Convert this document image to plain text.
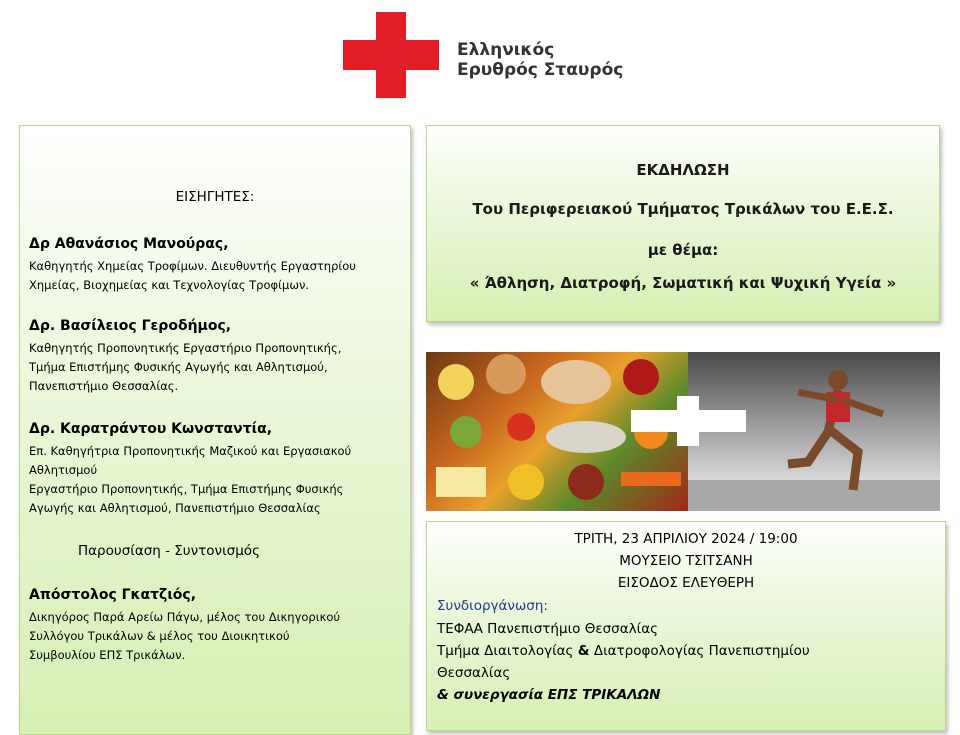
Ελληνικός
Ερυθρός Σταυρός
ΕΙΣΗΓΗΤΕΣ:
Δρ Αθανάσιος Μανούρας,
Καθηγητής Χημείας Τροφίμων. Διευθυντής Εργαστηρίου
Χημείας, Βιοχημείας και Τεχνολογίας Τροφίμων.
Δρ. Βασίλειος Γεροδήμος,
Καθηγητής Προπονητικής Εργαστήριο Προπονητικής,
Τμήμα Επιστήμης Φυσικής Αγωγής και Αθλητισμού,
Πανεπιστήμιο Θεσσαλίας.
Δρ. Καρατράντου Κωνσταντία,
Επ. Καθηγήτρια Προπονητικής Μαζικού και Εργασιακού
Αθλητισμού
Εργαστήριο Προπονητικής, Τμήμα Επιστήμης Φυσικής
Αγωγής και Αθλητισμού, Πανεπιστήμιο Θεσσαλίας
Παρουσίαση - Συντονισμός
Απόστολος Γκατζιός,
Δικηγόρος Παρά Αρείω Πάγω, μέλος του Δικηγορικού
Συλλόγου Τρικάλων & μέλος του Διοικητικού
Συμβουλίου ΕΠΣ Τρικάλων.
ΕΚΔΗΛΩΣΗ
Του Περιφερειακού Τμήματος Τρικάλων του Ε.Ε.Σ.
με θέμα:
« Άθληση, Διατροφή, Σωματική και Ψυχική Υγεία »
ΤΡΙΤΗ, 23 ΑΠΡΙΛΙΟΥ 2024 / 19:00
ΜΟΥΣΕΙΟ ΤΣΙΤΣΑΝΗ
ΕΙΣΟΔΟΣ ΕΛΕΥΘΕΡΗ
Συνδιοργάνωση:
ΤΕΦΑΑ Πανεπιστήμιο Θεσσαλίας
Τμήμα Διαιτολογίας & Διατροφολογίας Πανεπιστημίου
Θεσσαλίας
& συνεργασία ΕΠΣ ΤΡΙΚΑΛΩΝ
